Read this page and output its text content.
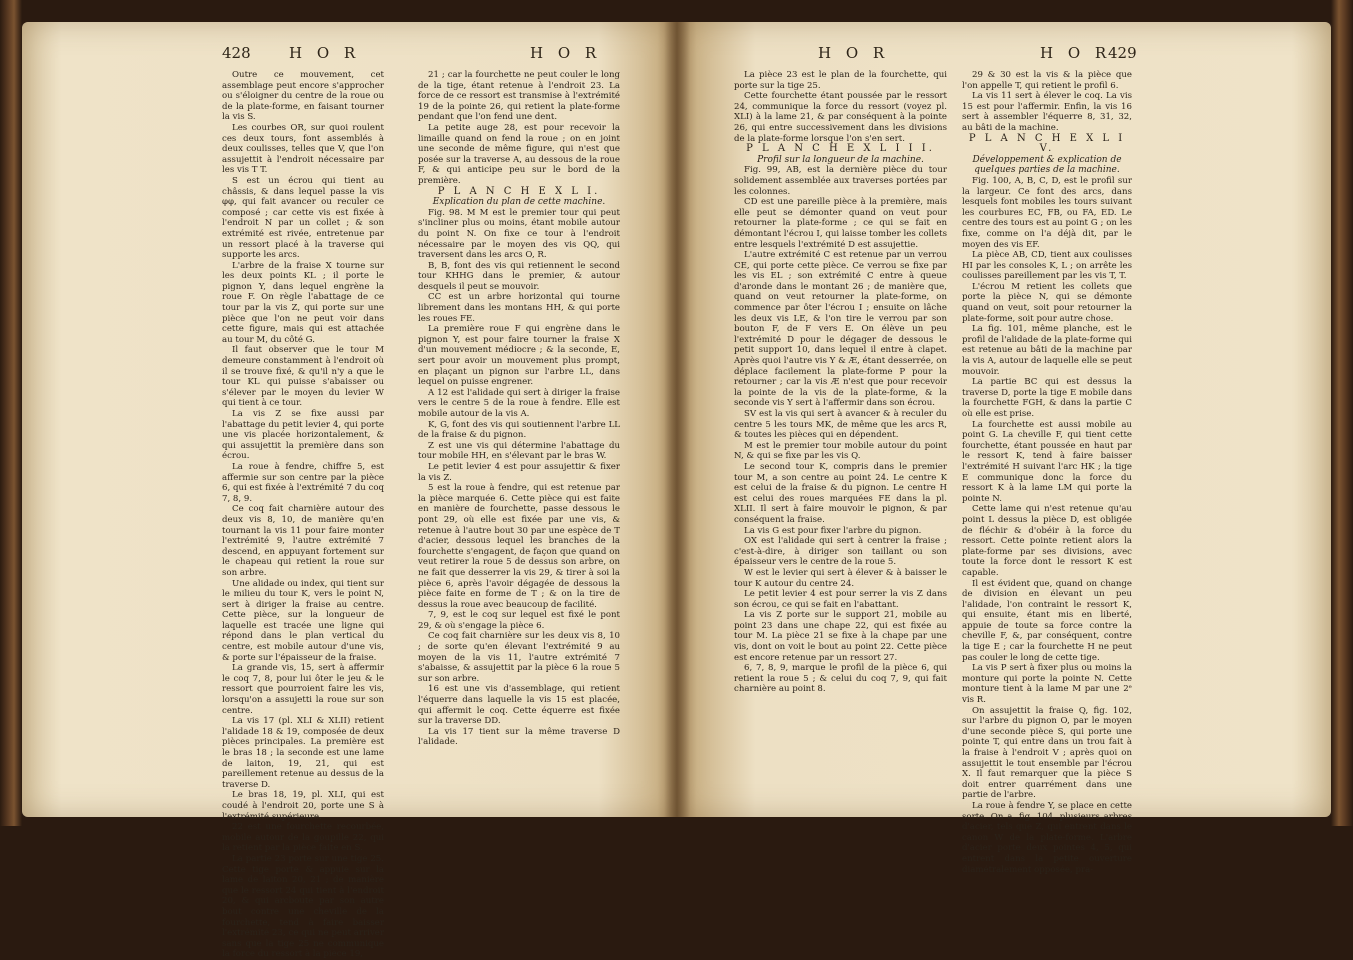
428	H O R	H O R

Outre ce mouvement, cet assemblage peut encore s'approcher ou s'éloigner du centre de la roue ou de la plate-forme, en faisant tourner la vis S.

Les courbes OR, sur quoi roulent ces deux tours, font assemblés à deux coulisses, telles que V, que l'on assujettit à l'endroit nécessaire par les vis T T.

S est un écrou qui tient au châssis, & dans lequel passe la vis φφ, qui fait avancer ou reculer ce composé ; car cette vis est fixée à l'endroit N par un collet ; & son extrémité est rivée, entretenue par un ressort placé à la traverse qui supporte les arcs.

L'arbre de la fraise X tourne sur les deux points KL ; il porte le pignon Y, dans lequel engrène la roue F. On règle l'abattage de ce tour par la vis Z, qui porte sur une pièce que l'on ne peut voir dans cette figure, mais qui est attachée au tour M, du côté G.

Il faut observer que le tour M demeure constamment à l'endroit où il se trouve fixé, & qu'il n'y a que le tour KL qui puisse s'abaisser ou s'élever par le moyen du levier W qui tient à ce tour.

La vis Z se fixe aussi par l'abattage du petit levier 4, qui porte une vis placée horizontalement, & qui assujettit la première dans son écrou.

La roue à fendre, chiffre 5, est affermie sur son centre par la pièce 6, qui est fixée à l'extrémité 7 du coq 7, 8, 9.

Ce coq fait charnière autour des deux vis 8, 10, de manière qu'en tournant la vis 11 pour faire monter l'extrémité 9, l'autre extrémité 7 descend, en appuyant fortement sur le chapeau qui retient la roue sur son arbre.

Une alidade ou index, qui tient sur le milieu du tour K, vers le point N, sert à diriger la fraise au centre. Cette pièce, sur la longueur de laquelle est tracée une ligne qui répond dans le plan vertical du centre, est mobile autour d'une vis, & porte sur l'épaisseur de la fraise.

La grande vis, 15, sert à affermir le coq 7, 8, pour lui ôter le jeu & le ressort que pourroient faire les vis, lorsqu'on a assujetti la roue sur son centre.

La vis 17 (pl. XLI & XLII) retient l'alidade 18 & 19, composée de deux pièces principales. La première est le bras 18 ; la seconde est une lame de laiton, 19, 21, qui est pareillement retenue au dessus de la traverse D.

Le bras 18, 19, pl. XLI, qui est coudé à l'endroit 20, porte une S à l'extrémité supérieure.

22 est une fourchette recourbée, mobile autour de la goupille 22, qui la retient par la pièce faite en S.

La partie 23 porte sur une tige 25. Cette tige porte & appuie sur la lame de laiton 20, 21 ; de manière que le ressort 24 qui tient à l'endroit 20, & qui arcboute par son autre bout contre une cheville de la fourchette, tend à faire baisser l'extrémité 23, ce qui ne peut arriver sans que la tige 25 ne communique la force du ressort à la pièce 19,

21 ; car la fourchette ne peut couler le long de la tige, étant retenue à l'endroit 23. La force de ce ressort est transmise à l'extrémité 19 de la pointe 26, qui retient la plate-forme pendant que l'on fend une dent.

La petite auge 28, est pour recevoir la limaille quand on fend la roue ; on en joint une seconde de même figure, qui n'est que posée sur la traverse A, au dessous de la roue F, & qui anticipe peu sur le bord de la première.

P L A N C H E X L I.

Explication du plan de cette machine.

Fig. 98. M M est le premier tour qui peut s'incliner plus ou moins, étant mobile autour du point N. On fixe ce tour à l'endroit nécessaire par le moyen des vis QQ, qui traversent dans les arcs O, R.

B, B, font des vis qui retiennent le second tour KHHG dans le premier, & autour desquels il peut se mouvoir.

CC est un arbre horizontal qui tourne librement dans les montans HH, & qui porte les roues FE.

La première roue F qui engrène dans le pignon Y, est pour faire tourner la fraise X d'un mouvement médiocre ; & la seconde, E, sert pour avoir un mouvement plus prompt, en plaçant un pignon sur l'arbre LL, dans lequel on puisse engrener.

A 12 est l'alidade qui sert à diriger la fraise vers le centre 5 de la roue à fendre. Elle est mobile autour de la vis A.

K, G, font des vis qui soutiennent l'arbre LL de la fraise & du pignon.

Z est une vis qui détermine l'abattage du tour mobile HH, en s'élevant par le bras W.

Le petit levier 4 est pour assujettir & fixer la vis Z.

5 est la roue à fendre, qui est retenue par la pièce marquée 6. Cette pièce qui est faite en manière de fourchette, passe dessous le pont 29, où elle est fixée par une vis, & retenue à l'autre bout 30 par une espèce de T d'acier, dessous lequel les branches de la fourchette s'engagent, de façon que quand on veut retirer la roue 5 de dessus son arbre, on ne fait que desserrer la vis 29, & tirer à soi la pièce 6, après l'avoir dégagée de dessous la pièce faite en forme de T ; & on la tire de dessus la roue avec beaucoup de facilité.

7, 9, est le coq sur lequel est fixé le pont 29, & où s'engage la pièce 6.

Ce coq fait charnière sur les deux vis 8, 10 ; de sorte qu'en élevant l'extrémité 9 au moyen de la vis 11, l'autre extrémité 7 s'abaisse, & assujettit par la pièce 6 la roue 5 sur son arbre.

16 est une vis d'assemblage, qui retient l'équerre dans laquelle la vis 15 est placée, qui affermit le coq. Cette équerre est fixée sur la traverse DD.

La vis 17 tient sur la même traverse D l'alidade.

H O R	H O R
429

La pièce 23 est le plan de la fourchette, qui porte sur la tige 25.

Cette fourchette étant poussée par le ressort 24, communique la force du ressort (voyez pl. XLI) à la lame 21, & par conséquent à la pointe 26, qui entre successivement dans les divisions de la plate-forme lorsque l'on s'en sert.

P L A N C H E X L I I I.

Profil sur la longueur de la machine.

Fig. 99, AB, est la dernière pièce du tour solidement assemblée aux traverses portées par les colonnes.

CD est une pareille pièce à la première, mais elle peut se démonter quand on veut pour retourner la plate-forme ; ce qui se fait en démontant l'écrou I, qui laisse tomber les collets entre lesquels l'extrémité D est assujettie.

L'autre extrémité C est retenue par un verrou CE, qui porte cette pièce. Ce verrou se fixe par les vis EL ; son extrémité C entre à queue d'aronde dans le montant 26 ; de manière que, quand on veut retourner la plate-forme, on commence par ôter l'écrou I ; ensuite on lâche les deux vis LE, & l'on tire le verrou par son bouton F, de F vers E. On élève un peu l'extrémité D pour le dégager de dessous le petit support 10, dans lequel il entre à clapet. Après quoi l'autre vis Y & Æ, étant desserrée, on déplace facilement la plate-forme P pour la retourner ; car la vis Æ n'est que pour recevoir la pointe de la vis de la plate-forme, & la seconde vis Y sert à l'affermir dans son écrou.

SV est la vis qui sert à avancer & à reculer du centre 5 les tours MK, de même que les arcs R, & toutes les pièces qui en dépendent.

M est le premier tour mobile autour du point N, & qui se fixe par les vis Q.

Le second tour K, compris dans le premier tour M, a son centre au point 24. Le centre K est celui de la fraise & du pignon. Le centre H est celui des roues marquées FE dans la pl. XLII. Il sert à faire mouvoir le pignon, & par conséquent la fraise.

La vis G est pour fixer l'arbre du pignon.

OX est l'alidade qui sert à centrer la fraise ; c'est-à-dire, à diriger son taillant ou son épaisseur vers le centre de la roue 5.

W est le levier qui sert à élever & à baisser le tour K autour du centre 24.

Le petit levier 4 est pour serrer la vis Z dans son écrou, ce qui se fait en l'abattant.

La vis Z porte sur le support 21, mobile au point 23 dans une chape 22, qui est fixée au tour M. La pièce 21 se fixe à la chape par une vis, dont on voit le bout au point 22. Cette pièce est encore retenue par un ressort 27.

6, 7, 8, 9, marque le profil de la pièce 6, qui retient la roue 5 ; & celui du coq 7, 9, qui fait charnière au point 8.

29 & 30 est la vis & la pièce que l'on appelle T, qui retient le profil 6.

La vis 11 sert à élever le coq. La vis 15 est pour l'affermir. Enfin, la vis 16 sert à assembler l'équerre 8, 31, 32, au bâti de la machine.

P L A N C H E X L I V.

Développement & explication de quelques parties de la machine.

Fig. 100, A, B, C, D, est le profil sur la largeur. Ce font des arcs, dans lesquels font mobiles les tours suivant les courbures EC, FB, ou FA, ED. Le centre des tours est au point G ; on les fixe, comme on l'a déjà dit, par le moyen des vis EF.

La pièce AB, CD, tient aux coulisses HI par les consoles K, L ; on arrête les coulisses pareillement par les vis T, T.

L'écrou M retient les collets que porte la pièce N, qui se démonte quand on veut, soit pour retourner la plate-forme, soit pour autre chose.

La fig. 101, même planche, est le profil de l'alidade de la plate-forme qui est retenue au bâti de la machine par la vis A, autour de laquelle elle se peut mouvoir.

La partie BC qui est dessus la traverse D, porte la tige E mobile dans la fourchette FGH, & dans la partie C où elle est prise.

La fourchette est aussi mobile au point G. La cheville F, qui tient cette fourchette, étant poussée en haut par le ressort K, tend à faire baisser l'extrémité H suivant l'arc HK ; la tige E communique donc la force du ressort K à la lame LM qui porte la pointe N.

Cette lame qui n'est retenue qu'au point L dessus la pièce D, est obligée de fléchir & d'obéir à la force du ressort. Cette pointe retient alors la plate-forme par ses divisions, avec toute la force dont le ressort K est capable.

Il est évident que, quand on change de division en élevant un peu l'alidade, l'on contraint le ressort K, qui ensuite, étant mis en liberté, appuie de toute sa force contre la cheville F, &, par conséquent, contre la tige E ; car la fourchette H ne peut pas couler le long de cette tige.

La vis P sert à fixer plus ou moins la monture qui porte la pointe N. Cette monture tient à la lame M par une 2ᵉ vis R.

On assujettit la fraise Q, fig. 102, sur l'arbre du pignon O, par le moyen d'une seconde pièce S, qui porte une pointe T, qui entre dans un trou fait à la fraise à l'endroit V ; après quoi on assujettit le tout ensemble par l'écrou X. Il faut remarquer que la pièce S doit entrer quarrément dans une partie de l'arbre.

La roue à fendre Y, se place en cette sorte. On a, fig. 104, plusieurs arbres d'acier, tels que Z, qui entrent dans le canon W de la plate-forme. L'arbre d'acier porte deux pointes 4, 5, qui entrent dans la petite ouverture diamétralement opposée, pra-
